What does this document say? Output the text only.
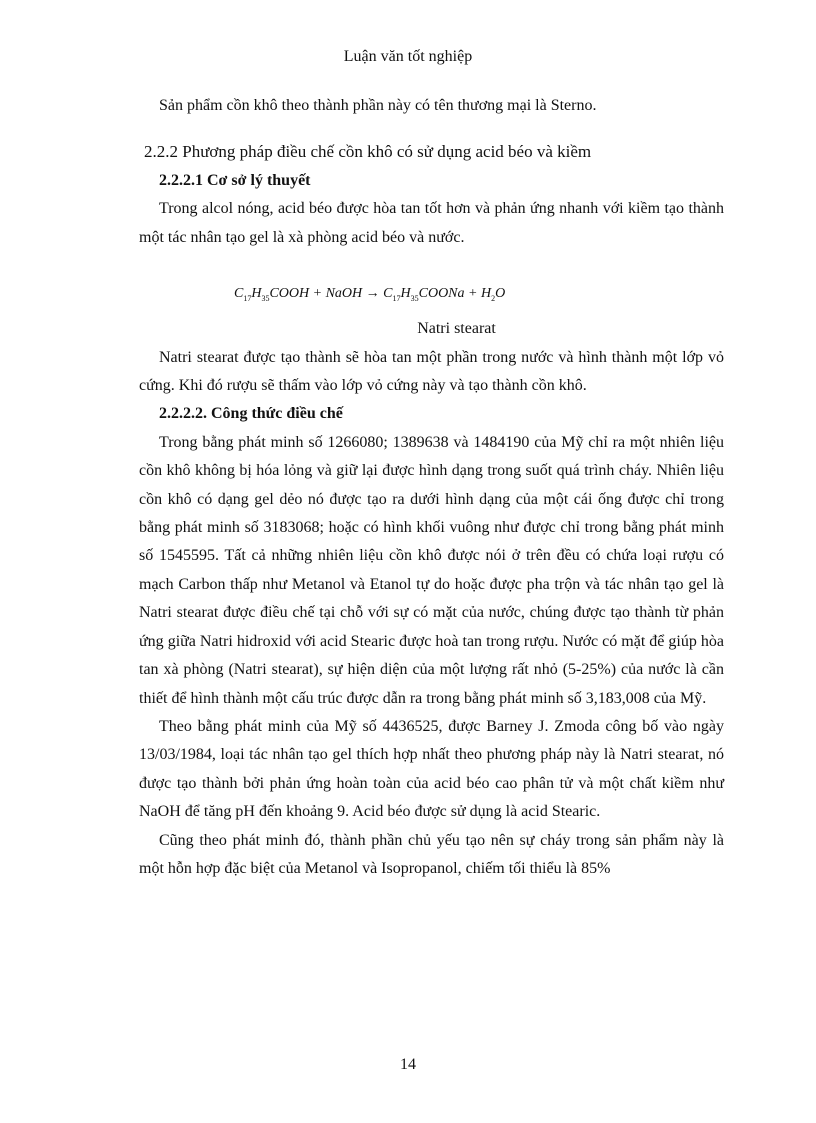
Luận văn tốt nghiệp

Sản phẩm cồn khô theo thành phần này có tên thương mại là Sterno.

2.2.2 Phương pháp điều chế cồn khô có sử dụng acid béo và kiềm
2.2.2.1 Cơ sở lý thuyết

Trong alcol nóng, acid béo được hòa tan tốt hơn và phản ứng nhanh với kiềm tạo thành một tác nhân tạo gel là xà phòng acid béo và nước.

$C_{17}H_{35}COOH$ + NaOH → $C_{17}H_{35}COONa + H_2O$
Natri stearat

Natri stearat được tạo thành sẽ hòa tan một phần trong nước và hình thành một lớp vỏ cứng. Khi đó rượu sẽ thấm vào lớp vỏ cứng này và tạo thành cồn khô.

2.2.2.2. Công thức điều chế

Trong bằng phát minh số 1266080; 1389638 và 1484190 của Mỹ chỉ ra một nhiên liệu cồn khô không bị hóa lỏng và giữ lại được hình dạng trong suốt quá trình cháy. Nhiên liệu cồn khô có dạng gel dẻo nó được tạo ra dưới hình dạng của một cái ống được chỉ trong bằng phát minh số 3183068; hoặc có hình khối vuông như được chỉ trong bằng phát minh số 1545595. Tất cả những nhiên liệu cồn khô được nói ở trên đều có chứa loại rượu có mạch Carbon thấp như Metanol và Etanol tự do hoặc được pha trộn và tác nhân tạo gel là Natri stearat được điều chế tại chỗ với sự có mặt của nước, chúng được tạo thành từ phản ứng giữa Natri hidroxid với acid Stearic được hoà tan trong rượu. Nước có mặt để giúp hòa tan xà phòng (Natri stearat), sự hiện diện của một lượng rất nhỏ (5-25%) của nước là cần thiết để hình thành một cấu trúc được dẫn ra trong bằng phát minh số 3,183,008 của Mỹ.

Theo bằng phát minh của Mỹ số 4436525, được Barney J. Zmoda công bố vào ngày 13/03/1984, loại tác nhân tạo gel thích hợp nhất theo phương pháp này là Natri stearat, nó được tạo thành bởi phản ứng hoàn toàn của acid béo cao phân tử và một chất kiềm như NaOH để tăng pH đến khoảng 9. Acid béo được sử dụng là acid Stearic.

Cũng theo phát minh đó, thành phần chủ yếu tạo nên sự cháy trong sản phẩm này là một hỗn hợp đặc biệt của Metanol và Isopropanol, chiếm tối thiểu là 85%

14
